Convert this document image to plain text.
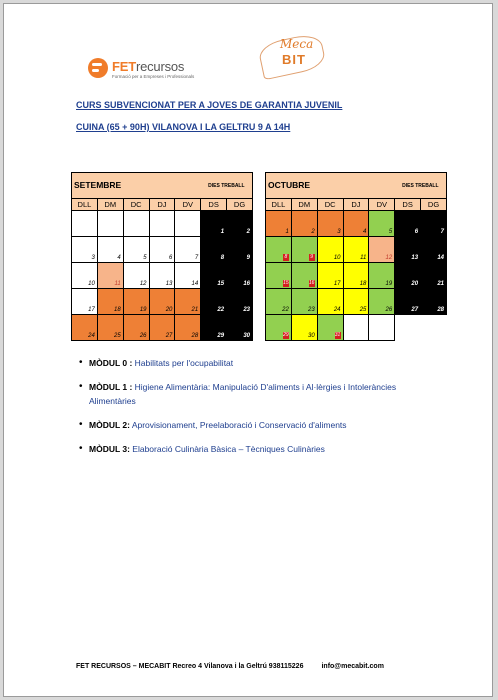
FETrecursos
Formació per a Empreses i Professionals
Meca
BIT
CURS SUBVENCIONAT PER A JOVES DE GARANTIA JUVENIL
CUINA (65 + 90H) VILANOVA I LA GELTRU 9 A 14H
SETEMBRE					DIES TREBALL	
DLL	DM	DC	DJ	DV	DS	DG
					1	2
3	4	5	6	7	8	9
10	11	12	13	14	15	16
17	18	19	20	21	22	23
24	25	26	27	28	29	30
OCTUBRE					DIES TREBALL	
DLL	DM	DC	DJ	DV	DS	DG
1	2	3	4	5	6	7
8	9	10	11	12	13	14
15	16	17	18	19	20	21
22	23	24	25	26	27	28
29	30	31				
• MÒDUL 0 : Habilitats per l'ocupabilitat
• MÒDUL 1 : Higiene Alimentària: Manipulació D'aliments i Al·lèrgies i Intoleràncies Alimentàries
• MÒDUL 2: Aprovisionament, Preelaboració i Conservació d'aliments
• MÒDUL 3: Elaboració Culinària Bàsica – Tècniques Culinàries
FET RECURSOS – MECABIT Recreo 4 Vilanova i la Geltrú 938115226	info@mecabit.com
